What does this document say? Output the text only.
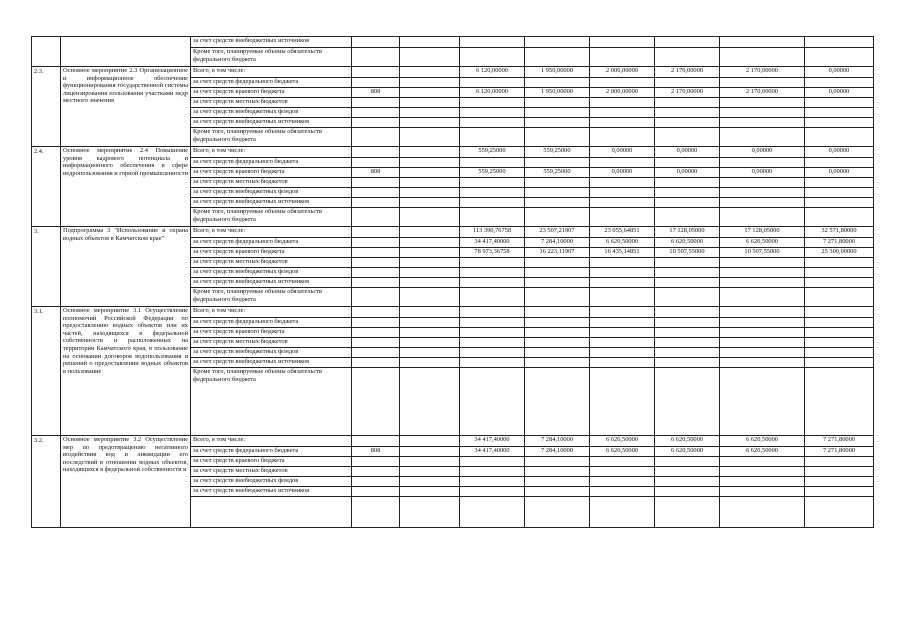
		за счет средств внебюджетных источников								
		Кроме того, планируемые объемы обязательств федерального бюджета								
2.3.	Основное мероприятие 2.3 Организационное и информационное обеспечение функционирования государственной системы лицензирования пользования участками недр местного значения	Всего, в том числе:			6 120,00000	1 950,00000	2 000,00000	2 170,00000	2 170,00000	0,00000
		за счет средств федерального бюджета								
		за счет средств краевого бюджета	808		6 120,00000	1 950,00000	2 000,00000	2 170,00000	2 170,00000	0,00000
		за счет средств местных бюджетов								
		за счет средств внебюджетных фондов								
		за счет средств внебюджетных источников								
		Кроме того, планируемые объемы обязательств федерального бюджета								
2.4.	Основное мероприятие 2.4 Повышение уровня кадрового потенциала и информационного обеспечения в сфере недропользования и горной промышленности	Всего, в том числе:			559,25000	559,25000	0,00000	0,00000	0,00000	0,00000
		за счет средств федерального бюджета								
		за счет средств краевого бюджета	808		559,25000	559,25000	0,00000	0,00000	0,00000	0,00000
		за счет средств местных бюджетов								
		за счет средств внебюджетных фондов								
		за счет средств внебюджетных источников								
		Кроме того, планируемые объемы обязательств федерального бюджета								
3.	Подпрограмма 3 "Использование и охрана водных объектов в Камчатском крае"	Всего, в том числе:			113 390,76758	23 507,21907	23 055,64851	17 128,05000	17 128,05000	32 571,80000
		за счет средств федерального бюджета			34 417,40000	7 284,10000	6 620,50000	6 620,50000	6 620,50000	7 271,80000
		за счет средств краевого бюджета			78 973,36758	16 223,11907	16 435,14851	10 507,55000	10 507,55000	25 300,00000
		за счет средств местных бюджетов								
		за счет средств внебюджетных фондов								
		за счет средств внебюджетных источников								
		Кроме того, планируемые объемы обязательств федерального бюджета								
3.1.	Основное мероприятие 3.1 Осуществление полномочий Российской Федерации по предоставлению водных объектов или их частей, находящихся в федеральной собственности и расположенных на территории Камчатского края, в пользование на основании договоров водопользования и решений о предоставлении водных объектов в пользование	Всего, в том числе:								
		за счет средств федерального бюджета								
		за счет средств краевого бюджета								
		за счет средств местных бюджетов								
		за счет средств внебюджетных фондов								
		за счет средств внебюджетных источников								
		Кроме того, планируемые объемы обязательств федерального бюджета								
3.2.	Основное мероприятие 3.2 Осуществление мер по предотвращению негативного воздействия вод и ликвидации его последствий в отношении водных объектов, находящихся в федеральной собственности и	Всего, в том числе:			34 417,40000	7 284,10000	6 620,50000	6 620,50000	6 620,50000	7 271,80000
		за счет средств федерального бюджета	808		34 417,40000	7 284,10000	6 620,50000	6 620,50000	6 620,50000	7 271,80000
		за счет средств краевого бюджета								
		за счет средств местных бюджетов								
		за счет средств внебюджетных фондов								
		за счет средств внебюджетных источников								
